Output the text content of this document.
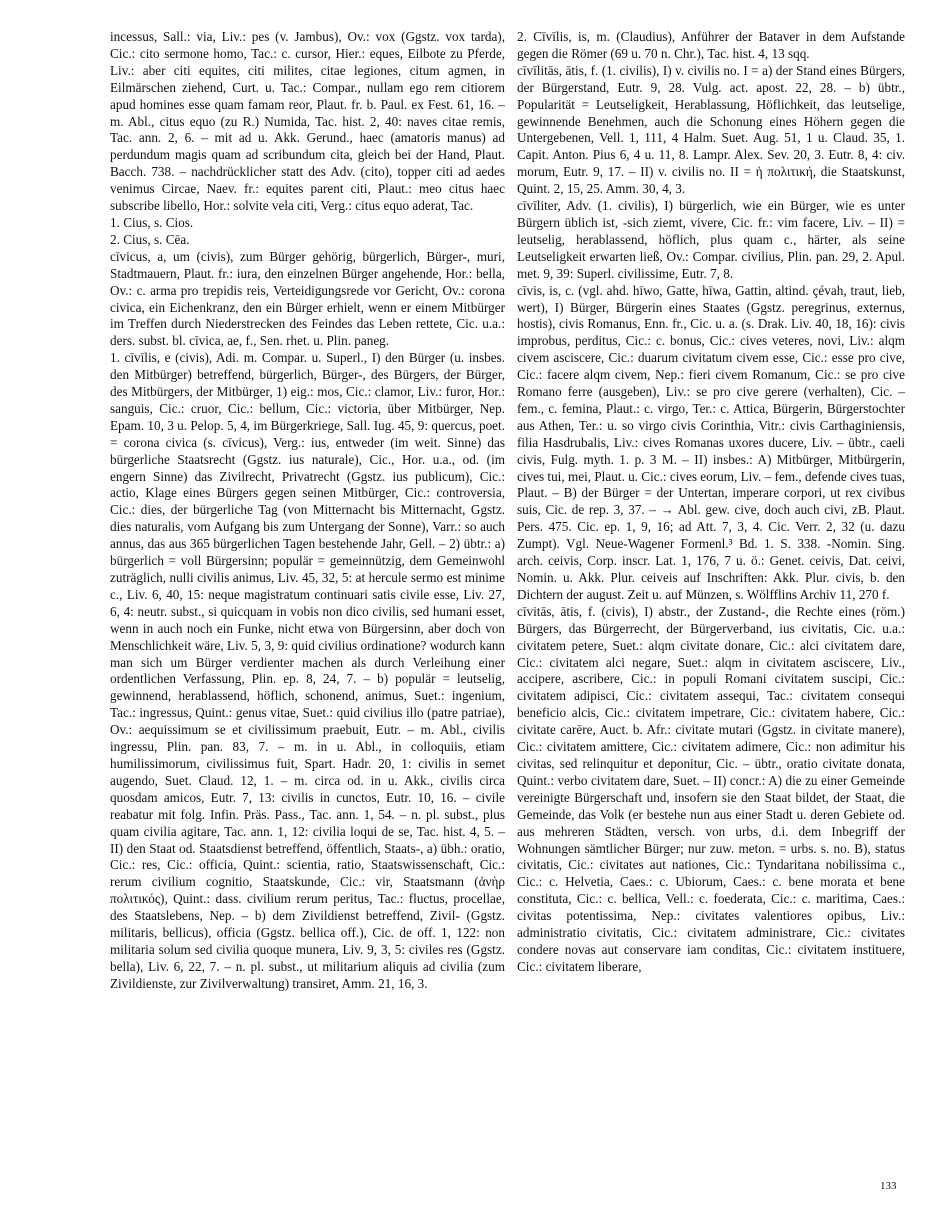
incessus, Sall.: via, Liv.: pes (v. Jambus), Ov.: vox (Ggstz. vox tarda), Cic.: cito sermone homo, Tac.: c. cursor, Hier.: eques, Eilbote zu Pferde, Liv.: aber citi equites, citi milites, citae legiones, citum agmen, in Eilmärschen ziehend, Curt. u. Tac.: Compar., nullam ego rem citiorem apud homines esse quam famam reor, Plaut. fr. b. Paul. ex Fest. 61, 16. – m. Abl., citus equo (zu R.) Numida, Tac. hist. 2, 40: naves citae remis, Tac. ann. 2, 6. – mit ad u. Akk. Gerund., haec (amatoris manus) ad perdundum magis quam ad scribundum cita, gleich bei der Hand, Plaut. Bacch. 738. – nachdrücklicher statt des Adv. (cito), topper citi ad aedes venimus Circae, Naev. fr.: equites parent citi, Plaut.: meo citus haec subscribe libello, Hor.: solvite vela citi, Verg.: citus equo aderat, Tac.

1. Cius, s. Cios.

2. Cius, s. Cēa.

cīvicus, a, um (civis), zum Bürger gehörig, bürgerlich, Bürger-, muri, Stadtmauern, Plaut. fr.: iura, den einzelnen Bürger angehende, Hor.: bella, Ov.: c. arma pro trepidis reis, Verteidigungsrede vor Gericht, Ov.: corona civica, ein Eichenkranz, den ein Bürger erhielt, wenn er einem Mitbürger im Treffen durch Niederstrecken des Feindes das Leben rettete, Cic. u.a.: ders. subst. bl. cīvica, ae, f., Sen. rhet. u. Plin. paneg.

1. cīvīlis, e (civis), Adi. m. Compar. u. Superl., I) den Bürger (u. insbes. den Mitbürger) betreffend, bürgerlich, Bürger-, des Bürgers, der Bürger, des Mitbürgers, der Mitbürger, 1) eig.: mos, Cic.: clamor, Liv.: furor, Hor.: sanguis, Cic.: cruor, Cic.: bellum, Cic.: victoria, über Mitbürger, Nep. Epam. 10, 3 u. Pelop. 5, 4, im Bürgerkriege, Sall. Iug. 45, 9: quercus, poet. = corona civica (s. cīvicus), Verg.: ius, entweder (im weit. Sinne) das bürgerliche Staatsrecht (Ggstz. ius naturale), Cic., Hor. u.a., od. (im engern Sinne) das Zivilrecht, Privatrecht (Ggstz. ius publicum), Cic.: actio, Klage eines Bürgers gegen seinen Mitbürger, Cic.: controversia, Cic.: dies, der bürgerliche Tag (von Mitternacht bis Mitternacht, Ggstz. dies naturalis, vom Aufgang bis zum Untergang der Sonne), Varr.: so auch annus, das aus 365 bürgerlichen Tagen bestehende Jahr, Gell. – 2) übtr.: a) bürgerlich = voll Bürgersinn; populär = gemeinnützig, dem Gemeinwohl zuträglich, nulli civilis animus, Liv. 45, 32, 5: at hercule sermo est minime c., Liv. 6, 40, 15: neque magistratum continuari satis civile esse, Liv. 27, 6, 4: neutr. subst., si quicquam in vobis non dico civilis, sed humani esset, wenn in auch noch ein Funke, nicht etwa von Bürgersinn, aber doch von Menschlichkeit wäre, Liv. 5, 3, 9: quid civilius ordinatione? wodurch kann man sich um Bürger verdienter machen als durch Verleihung einer ordentlichen Verfassung, Plin. ep. 8, 24, 7. – b) populär = leutselig, gewinnend, herablassend, höflich, schonend, animus, Suet.: ingenium, Tac.: ingressus, Quint.: genus vitae, Suet.: quid civilius illo (patre patriae), Ov.: aequissimum se et civilissimum praebuit, Eutr. – m. Abl., civilis ingressu, Plin. pan. 83, 7. – m. in u. Abl., in colloquiis, etiam humilissimorum, civilissimus fuit, Spart. Hadr. 20, 1: civilis in semet augendo, Suet. Claud. 12, 1. – m. circa od. in u. Akk., civilis circa quosdam amicos, Eutr. 7, 13: civilis in cunctos, Eutr. 10, 16. – civile reabatur mit folg. Infin. Präs. Pass., Tac. ann. 1, 54. – n. pl. subst., plus quam civilia agitare, Tac. ann. 1, 12: civilia loqui de se, Tac. hist. 4, 5. – II) den Staat od. Staatsdienst betreffend, öffentlich, Staats-, a) übh.: oratio, Cic.: res, Cic.: officia, Quint.: scientia, ratio, Staatswissenschaft, Cic.: rerum civilium cognitio, Staatskunde, Cic.: vir, Staatsmann (ἀνὴρ πολιτικός), Quint.: dass. civilium rerum peritus, Tac.: fluctus, procellae, des Staatslebens, Nep. – b) dem Zivildienst betreffend, Zivil- (Ggstz. militaris, bellicus), officia (Ggstz. bellica off.), Cic. de off. 1, 122: non militaria solum sed civilia quoque munera, Liv. 9, 3, 5: civiles res (Ggstz. bella), Liv. 6, 22, 7. – n. pl. subst., ut militarium aliquis ad civilia (zum Zivildienste, zur Zivilverwaltung) transiret, Amm. 21, 16, 3.

2. Cīvīlis, is, m. (Claudius), Anführer der Bataver in dem Aufstande gegen die Römer (69 u. 70 n. Chr.), Tac. hist. 4, 13 sqq.

cīvīlitās, ātis, f. (1. civilis), I) v. civilis no. I = a) der Stand eines Bürgers, der Bürgerstand, Eutr. 9, 28. Vulg. act. apost. 22, 28. – b) übtr., Popularität = Leutseligkeit, Herablassung, Höflichkeit, das leutselige, gewinnende Benehmen, auch die Schonung eines Höhern gegen die Untergebenen, Vell. 1, 111, 4 Halm. Suet. Aug. 51, 1 u. Claud. 35, 1. Capit. Anton. Pius 6, 4 u. 11, 8. Lampr. Alex. Sev. 20, 3. Eutr. 8, 4: civ. morum, Eutr. 9, 17. – II) v. civilis no. II = ἡ πολιτική, die Staatskunst, Quint. 2, 15, 25. Amm. 30, 4, 3.

cīvīliter, Adv. (1. civilis), I) bürgerlich, wie ein Bürger, wie es unter Bürgern üblich ist, -sich ziemt, vivere, Cic. fr.: vim facere, Liv. – II) = leutselig, herablassend, höflich, plus quam c., härter, als seine Leutseligkeit erwarten ließ, Ov.: Compar. civilius, Plin. pan. 29, 2. Apul. met. 9, 39: Superl. civilissime, Eutr. 7, 8.

cīvis, is, c. (vgl. ahd. hīwo, Gatte, hīwa, Gattin, altind. çévah, traut, lieb, wert), I) Bürger, Bürgerin eines Staates (Ggstz. peregrinus, externus, hostis), civis Romanus, Enn. fr., Cic. u. a. (s. Drak. Liv. 40, 18, 16): civis improbus, perditus, Cic.: c. bonus, Cic.: cives veteres, novi, Liv.: alqm civem asciscere, Cic.: duarum civitatum civem esse, Cic.: esse pro cive, Cic.: facere alqm civem, Nep.: fieri civem Romanum, Cic.: se pro cive Romano ferre (ausgeben), Liv.: se pro cive gerere (verhalten), Cic. – fem., c. femina, Plaut.: c. virgo, Ter.: c. Attica, Bürgerin, Bürgerstochter aus Athen, Ter.: u. so virgo civis Corinthia, Vitr.: civis Carthaginiensis, filia Hasdrubalis, Liv.: cives Romanas uxores ducere, Liv. – übtr., caeli civis, Fulg. myth. 1. p. 3 M. – II) insbes.: A) Mitbürger, Mitbürgerin, cives tui, mei, Plaut. u. Cic.: cives eorum, Liv. – fem., defende cives tuas, Plaut. – B) der Bürger = der Untertan, imperare corpori, ut rex civibus suis, Cic. de rep. 3, 37. – → Abl. gew. cive, doch auch civi, zB. Plaut. Pers. 475. Cic. ep. 1, 9, 16; ad Att. 7, 3, 4. Cic. Verr. 2, 32 (u. dazu Zumpt). Vgl. Neue-Wagener Formenl.³ Bd. 1. S. 338. -Nomin. Sing. arch. ceivis, Corp. inscr. Lat. 1, 176, 7 u. ö.: Genet. ceivis, Dat. ceivi, Nomin. u. Akk. Plur. ceiveis auf Inschriften: Akk. Plur. civis, b. den Dichtern der august. Zeit u. auf Münzen, s. Wölfflins Archiv 11, 270 f.

cīvitās, ātis, f. (civis), I) abstr., der Zustand-, die Rechte eines (röm.) Bürgers, das Bürgerrecht, der Bürgerverband, ius civitatis, Cic. u.a.: civitatem petere, Suet.: alqm civitate donare, Cic.: alci civitatem dare, Cic.: civitatem alci negare, Suet.: alqm in civitatem asciscere, Liv., accipere, ascribere, Cic.: in populi Romani civitatem suscipi, Cic.: civitatem adipisci, Cic.: civitatem assequi, Tac.: civitatem consequi beneficio alcis, Cic.: civitatem impetrare, Cic.: civitatem habere, Cic.: civitate carēre, Auct. b. Afr.: civitate mutari (Ggstz. in civitate manere), Cic.: civitatem amittere, Cic.: civitatem adimere, Cic.: non adimitur his civitas, sed relinquitur et deponitur, Cic. – übtr., oratio civitate donata, Quint.: verbo civitatem dare, Suet. – II) concr.: A) die zu einer Gemeinde vereinigte Bürgerschaft und, insofern sie den Staat bildet, der Staat, die Gemeinde, das Volk (er bestehe nun aus einer Stadt u. deren Gebiete od. aus mehreren Städten, versch. von urbs, d.i. dem Inbegriff der Wohnungen sämtlicher Bürger; nur zuw. meton. = urbs. s. no. B), status civitatis, Cic.: civitates aut nationes, Cic.: Tyndaritana nobilissima c., Cic.: c. Helvetia, Caes.: c. Ubiorum, Caes.: c. bene morata et bene constituta, Cic.: c. bellica, Vell.: c. foederata, Cic.: c. maritima, Caes.: civitas potentissima, Nep.: civitates valentiores opibus, Liv.: administratio civitatis, Cic.: civitatem administrare, Cic.: civitates condere novas aut conservare iam conditas, Cic.: civitatem instituere, Cic.: civitatem liberare,

133
